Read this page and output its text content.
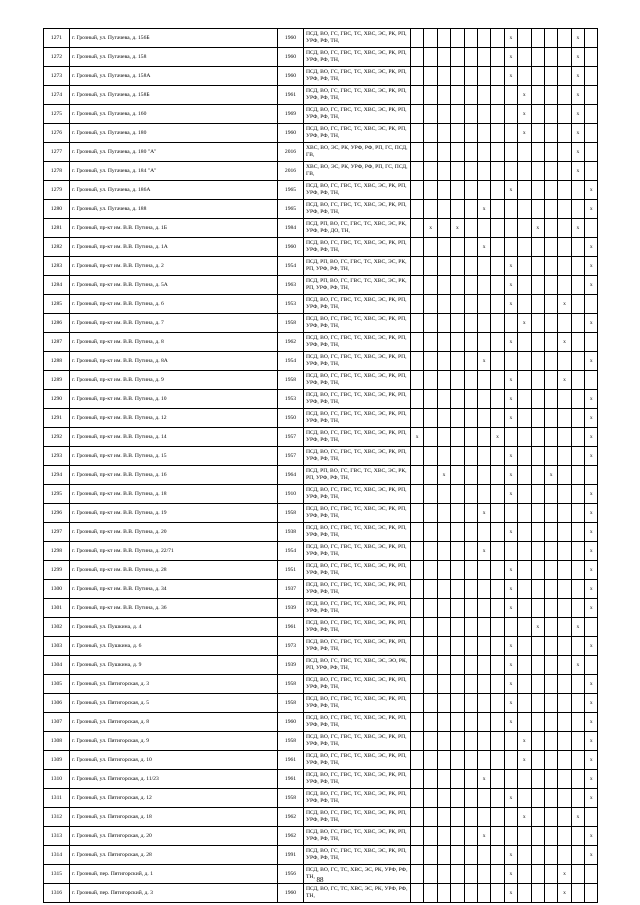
1271	г. Грозный, ул. Пугачева, д. 156Б	1960	ПСД, ВО, ГС, ГВС, ТС, ХВС, ЭС, РК, РП, УРФ, РФ, ТН,								x					x	
1272	г. Грозный, ул. Пугачева, д. 158	1960	ПСД, ВО, ГС, ГВС, ТС, ХВС, ЭС, РК, РП, УРФ, РФ, ТН,								x					x	
1273	г. Грозный, ул. Пугачева, д. 158А	1960	ПСД, ВО, ГС, ГВС, ТС, ХВС, ЭС, РК, РП, УРФ, РФ, ТН,								x					x	
1274	г. Грозный, ул. Пугачева, д. 158Б	1961	ПСД, ВО, ГС, ГВС, ТС, ХВС, ЭС, РК, РП, УРФ, РФ, ТН,									x				x	
1275	г. Грозный, ул. Пугачева, д. 160	1969	ПСД, ВО, ГС, ГВС, ТС, ХВС, ЭС, РК, РП, УРФ, РФ, ТН,									x				x	
1276	г. Грозный, ул. Пугачева, д. 180	1960	ПСД, ВО, ГС, ГВС, ТС, ХВС, ЭС, РК, РП, УРФ, РФ, ТН,									x				x	
1277	г. Грозный, ул. Пугачева, д. 180 "А"	2016	ХВС, ВО, ЭС, РК, УРФ, РФ, РП, ГС, ПСД, ГВ,													x	
1278	г. Грозный, ул. Пугачева, д. 184 "А"	2016	ХВС, ВО, ЭС, РК, УРФ, РФ, РП, ГС, ПСД, ГВ,													x	
1279	г. Грозный, ул. Пугачева, д. 186А	1965	ПСД, ВО, ГС, ГВС, ТС, ХВС, ЭС, РК, РП, УРФ, РФ, ТН,								x						x
1280	г. Грозный, ул. Пугачева, д. 188	1965	ПСД, ВО, ГС, ГВС, ТС, ХВС, ЭС, РК, РП, УРФ, РФ, ТН,						x								x
1281	г. Грозный, пр-кт им. В.В. Путина, д. 1Б	1984	ПСД, РП, ВО, ГС, ГВС, ТС, ХВС, ЭС, РК, УРФ, РФ, ДО, ТН,		x		x						x			x	
1282	г. Грозный, пр-кт им. В.В. Путина, д. 1А	1960	ПСД, ВО, ГС, ГВС, ТС, ХВС, ЭС, РК, РП, УРФ, РФ, ТН,						x								x
1283	г. Грозный, пр-кт им. В.В. Путина, д. 2	1954	ПСД, РП, ВО, ГС, ГВС, ТС, ХВС, ЭС, РК, РП, УРФ, РФ, ТН,								x						x
1284	г. Грозный, пр-кт им. В.В. Путина, д. 5А	1963	ПСД, РП, ВО, ГС, ГВС, ТС, ХВС, ЭС, РК, РП, УРФ, РФ, ТН,								x						x
1285	г. Грозный, пр-кт им. В.В. Путина, д. 6	1953	ПСД, ВО, ГС, ГВС, ТС, ХВС, ЭС, РК, РП, УРФ, РФ, ТН,								x				x		
1286	г. Грозный, пр-кт им. В.В. Путина, д. 7	1958	ПСД, ВО, ГС, ГВС, ТС, ХВС, ЭС, РК, РП, УРФ, РФ, ТН,									x					x
1287	г. Грозный, пр-кт им. В.В. Путина, д. 8	1962	ПСД, ВО, ГС, ГВС, ТС, ХВС, ЭС, РК, РП, УРФ, РФ, ТН,								x				x		
1288	г. Грозный, пр-кт им. В.В. Путина, д. 8А	1954	ПСД, ВО, ГС, ГВС, ТС, ХВС, ЭС, РК, РП, УРФ, РФ, ТН,						x								x
1289	г. Грозный, пр-кт им. В.В. Путина, д. 9	1958	ПСД, ВО, ГС, ГВС, ТС, ХВС, ЭС, РК, РП, УРФ, РФ, ТН,								x				x		
1290	г. Грозный, пр-кт им. В.В. Путина, д. 10	1953	ПСД, ВО, ГС, ГВС, ТС, ХВС, ЭС, РК, РП, УРФ, РФ, ТН,								x						x
1291	г. Грозный, пр-кт им. В.В. Путина, д. 12	1950	ПСД, ВО, ГС, ГВС, ТС, ХВС, ЭС, РК, РП, УРФ, РФ, ТН,								x						x
1292	г. Грозный, пр-кт им. В.В. Путина, д. 14	1957	ПСД, ВО, ГС, ГВС, ТС, ХВС, ЭС, РК, РП, УРФ, РФ, ТН,	x						x							x
1293	г. Грозный, пр-кт им. В.В. Путина, д. 15	1957	ПСД, ВО, ГС, ГВС, ТС, ХВС, ЭС, РК, РП, УРФ, РФ, ТН,								x						x
1294	г. Грозный, пр-кт им. В.В. Путина, д. 16	1964	ПСД, РП, ВО, ГС, ГВС, ТС, ХВС, ЭС, РК, РП, УРФ, РФ, ТН,			x					x			x			
1295	г. Грозный, пр-кт им. В.В. Путина, д. 18	1910	ПСД, ВО, ГС, ГВС, ТС, ХВС, ЭС, РК, РП, УРФ, РФ, ТН,								x						x
1296	г. Грозный, пр-кт им. В.В. Путина, д. 19	1958	ПСД, ВО, ГС, ГВС, ТС, ХВС, ЭС, РК, РП, УРФ, РФ, ТН,						x								x
1297	г. Грозный, пр-кт им. В.В. Путина, д. 20	1938	ПСД, ВО, ГС, ГВС, ТС, ХВС, ЭС, РК, РП, УРФ, РФ, ТН,								x						x
1298	г. Грозный, пр-кт им. В.В. Путина, д. 22/71	1954	ПСД, ВО, ГС, ГВС, ТС, ХВС, ЭС, РК, РП, УРФ, РФ, ТН,						x								x
1299	г. Грозный, пр-кт им. В.В. Путина, д. 28	1951	ПСД, ВО, ГС, ГВС, ТС, ХВС, ЭС, РК, РП, УРФ, РФ, ТН,								x						x
1300	г. Грозный, пр-кт им. В.В. Путина, д. 34	1937	ПСД, ВО, ГС, ГВС, ТС, ХВС, ЭС, РК, РП, УРФ, РФ, ТН,								x						x
1301	г. Грозный, пр-кт им. В.В. Путина, д. 36	1939	ПСД, ВО, ГС, ГВС, ТС, ХВС, ЭС, РК, РП, УРФ, РФ, ТН,								x						x
1302	г. Грозный, ул. Пушкина, д. 4	1961	ПСД, ВО, ГС, ГВС, ТС, ХВС, ЭС, РК, РП, УРФ, РФ, ТН,										x			x	
1303	г. Грозный, ул. Пушкина, д. 6	1973	ПСД, ВО, ГС, ГВС, ТС, ХВС, ЭС, РК, РП, УРФ, РФ, ТН,								x						x
1304	г. Грозный, ул. Пушкина, д. 9	1939	ПСД, ВО, ГС, ГВС, ТС, ХВС, ЭС, ЭО, РК, РП, УРФ, РФ, ТН,								x					x	
1305	г. Грозный, ул. Пятигорская, д. 3	1958	ПСД, ВО, ГС, ГВС, ТС, ХВС, ЭС, РК, РП, УРФ, РФ, ТН,								x						x
1306	г. Грозный, ул. Пятигорская, д. 5	1958	ПСД, ВО, ГС, ГВС, ТС, ХВС, ЭС, РК, РП, УРФ, РФ, ТН,								x						x
1307	г. Грозный, ул. Пятигорская, д. 8	1960	ПСД, ВО, ГС, ГВС, ТС, ХВС, ЭС, РК, РП, УРФ, РФ, ТН,								x						x
1308	г. Грозный, ул. Пятигорская, д. 9	1958	ПСД, ВО, ГС, ГВС, ТС, ХВС, ЭС, РК, РП, УРФ, РФ, ТН,									x					x
1309	г. Грозный, ул. Пятигорская, д. 10	1961	ПСД, ВО, ГС, ГВС, ТС, ХВС, ЭС, РК, РП, УРФ, РФ, ТН,									x					x
1310	г. Грозный, ул. Пятигорская, д. 11/23	1961	ПСД, ВО, ГС, ГВС, ТС, ХВС, ЭС, РК, РП, УРФ, РФ, ТН,						x								x
1311	г. Грозный, ул. Пятигорская, д. 12	1958	ПСД, ВО, ГС, ГВС, ТС, ХВС, ЭС, РК, РП, УРФ, РФ, ТН,								x						x
1312	г. Грозный, ул. Пятигорская, д. 18	1962	ПСД, ВО, ГС, ГВС, ТС, ХВС, ЭС, РК, РП, УРФ, РФ, ТН,									x				x	
1313	г. Грозный, ул. Пятигорская, д. 20	1962	ПСД, ВО, ГС, ГВС, ТС, ХВС, ЭС, РК, РП, УРФ, РФ, ТН,						x								x
1314	г. Грозный, ул. Пятигорская, д. 28	1991	ПСД, ВО, ГС, ГВС, ТС, ХВС, ЭС, РК, РП, УРФ, РФ, ТН,								x						x
1315	г. Грозный, пер. Пятигорский, д. 1	1956	ПСД, ВО, ГС, ТС, ХВС, ЭС, РК, УРФ, РФ, ТН,								x				x		
1316	г. Грозный, пер. Пятигорский, д. 3	1960	ПСД, ВО, ГС, ТС, ХВС, ЭС, РК, УРФ, РФ, ТН,								x				x		
88
